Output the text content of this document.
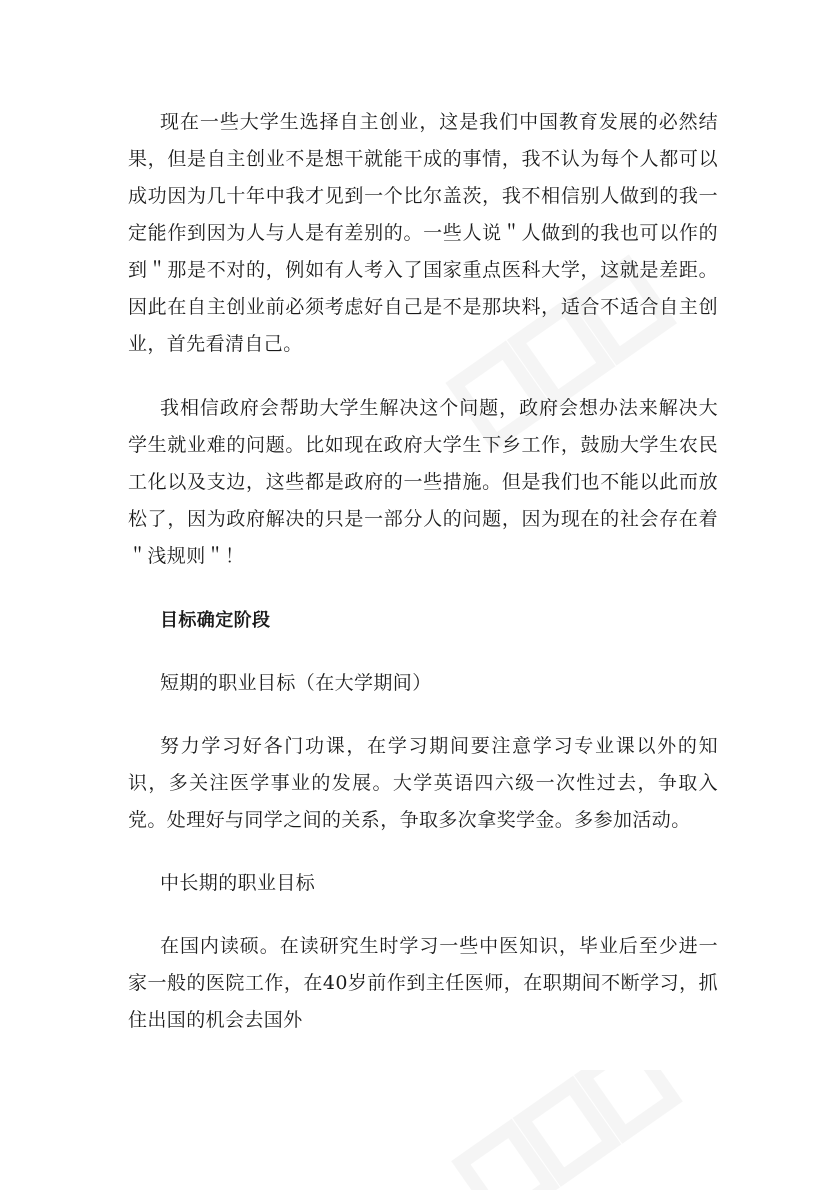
现在一些大学生选择自主创业，这是我们中国教育发展的必然结果，但是自主创业不是想干就能干成的事情，我不认为每个人都可以成功因为几十年中我才见到一个比尔盖茨，我不相信别人做到的我一定能作到因为人与人是有差别的。一些人说＂人做到的我也可以作的到＂那是不对的，例如有人考入了国家重点医科大学，这就是差距。因此在自主创业前必须考虑好自己是不是那块料，适合不适合自主创业，首先看清自己。

我相信政府会帮助大学生解决这个问题，政府会想办法来解决大学生就业难的问题。比如现在政府大学生下乡工作，鼓励大学生农民工化以及支边，这些都是政府的一些措施。但是我们也不能以此而放松了，因为政府解决的只是一部分人的问题，因为现在的社会存在着＂浅规则＂！

目标确定阶段

短期的职业目标（在大学期间）

努力学习好各门功课，在学习期间要注意学习专业课以外的知识，多关注医学事业的发展。大学英语四六级一次性过去，争取入党。处理好与同学之间的关系，争取多次拿奖学金。多参加活动。

中长期的职业目标

在国内读硕。在读研究生时学习一些中医知识，毕业后至少进一家一般的医院工作，在40岁前作到主任医师，在职期间不断学习，抓住出国的机会去国外
